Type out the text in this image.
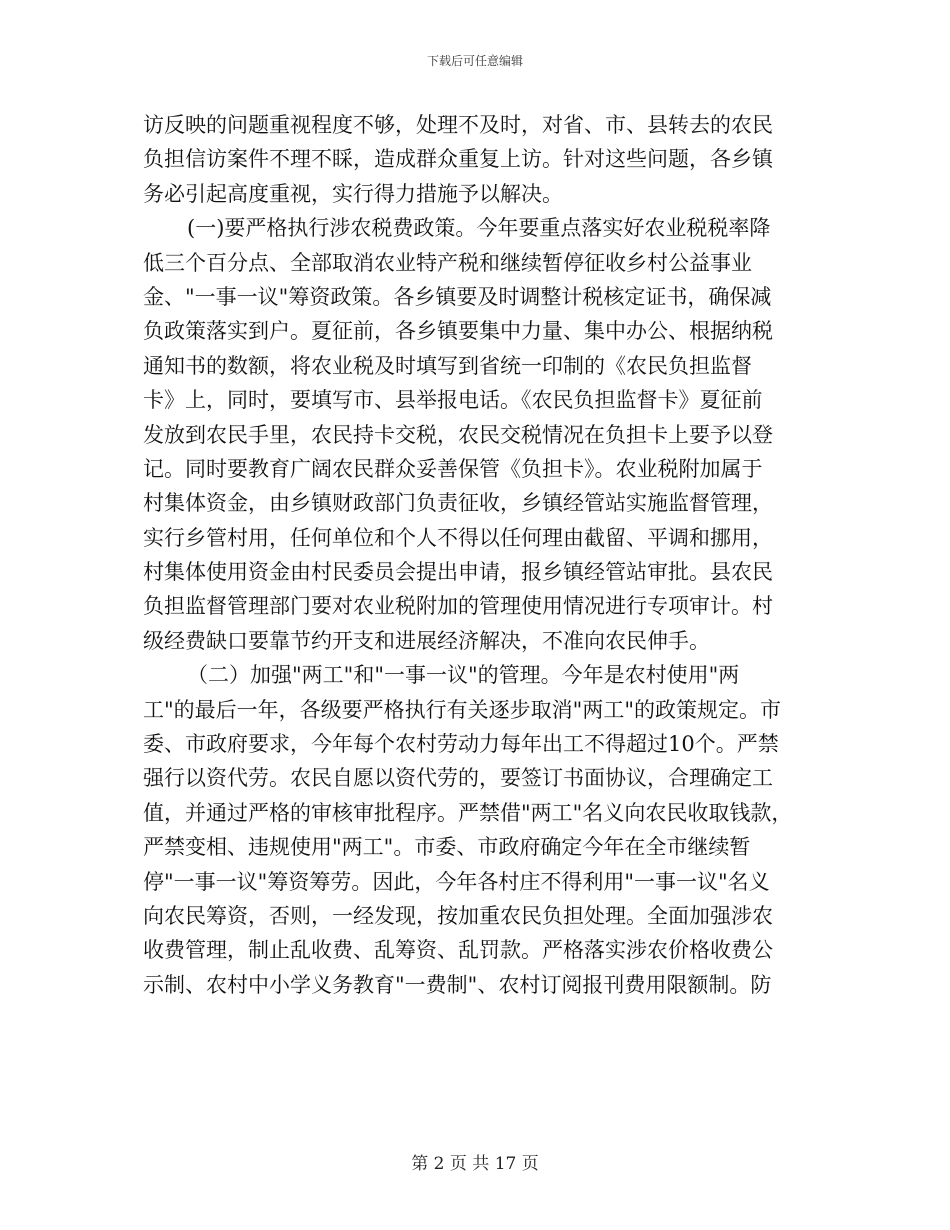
下载后可任意编辑
访反映的问题重视程度不够，处理不及时，对省、市、县转去的农民
负担信访案件不理不睬，造成群众重复上访。针对这些问题，各乡镇
务必引起高度重视，实行得力措施予以解决。
(一)要严格执行涉农税费政策。今年要重点落实好农业税税率降
低三个百分点、全部取消农业特产税和继续暂停征收乡村公益事业
金、"一事一议"筹资政策。各乡镇要及时调整计税核定证书，确保减
负政策落实到户。夏征前，各乡镇要集中力量、集中办公、根据纳税
通知书的数额，将农业税及时填写到省统一印制的《农民负担监督
卡》上，同时，要填写市、县举报电话。《农民负担监督卡》夏征前
发放到农民手里，农民持卡交税，农民交税情况在负担卡上要予以登
记。同时要教育广阔农民群众妥善保管《负担卡》。农业税附加属于
村集体资金，由乡镇财政部门负责征收，乡镇经管站实施监督管理，
实行乡管村用，任何单位和个人不得以任何理由截留、平调和挪用，
村集体使用资金由村民委员会提出申请，报乡镇经管站审批。县农民
负担监督管理部门要对农业税附加的管理使用情况进行专项审计。村
级经费缺口要靠节约开支和进展经济解决，不准向农民伸手。
（二）加强"两工"和"一事一议"的管理。今年是农村使用"两
工"的最后一年，各级要严格执行有关逐步取消"两工"的政策规定。市
委、市政府要求，今年每个农村劳动力每年出工不得超过10个。严禁
强行以资代劳。农民自愿以资代劳的，要签订书面协议，合理确定工
值，并通过严格的审核审批程序。严禁借"两工"名义向农民收取钱款，
严禁变相、违规使用"两工"。市委、市政府确定今年在全市继续暂
停"一事一议"筹资筹劳。因此，今年各村庄不得利用"一事一议"名义
向农民筹资，否则，一经发现，按加重农民负担处理。全面加强涉农
收费管理，制止乱收费、乱筹资、乱罚款。严格落实涉农价格收费公
示制、农村中小学义务教育"一费制"、农村订阅报刊费用限额制。防
第 2 页 共 17 页
